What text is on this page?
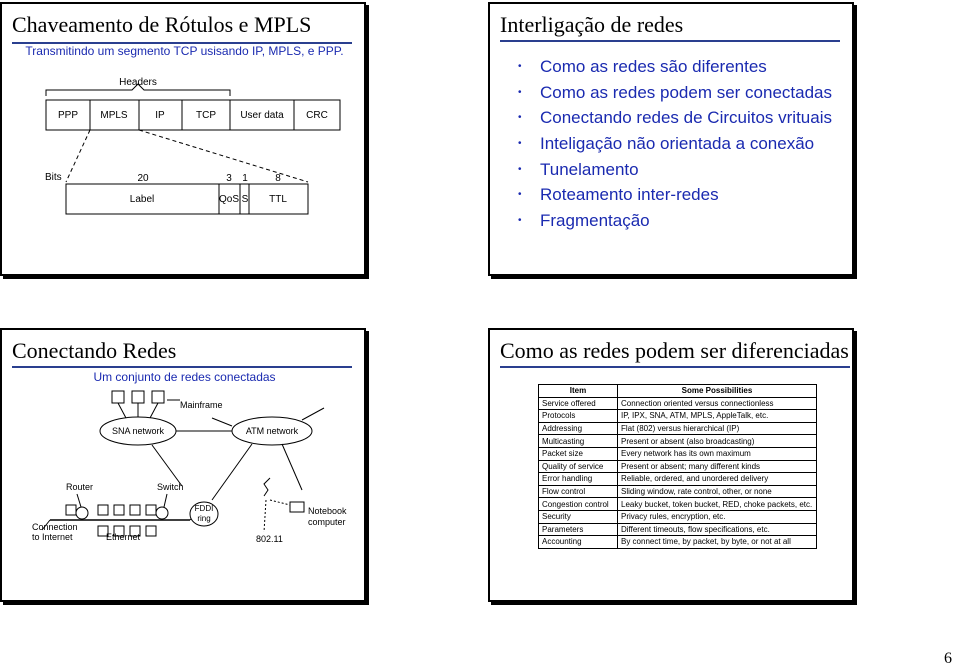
Chaveamento de Rótulos e MPLS
Transmitindo um segmento TCP usisando IP, MPLS, e PPP.
Headers
PPP MPLS	IP	TCP User data CRC
Bits	20	3 1	8
Label	QoS S TTL
Interligação de redes
• Como as redes são diferentes
• Como as redes podem ser conectadas
• Conectando redes de Circuitos vrituais
• Inteligação não orientada a conexão
• Tunelamento
• Roteamento inter-redes
• Fragmentação
Conectando Redes
Um conjunto de redes conectadas
Mainframe
SNA network	ATM network
Router	Switch
FDDI
ring
Notebook
computer
Connection
to Internet	Ethernet	802.11
Como as redes podem ser diferenciadas
Item	Some Possibilities
Service offered	Connection oriented versus connectionless
Protocols	IP, IPX, SNA, ATM, MPLS, AppleTalk, etc.
Addressing	Flat (802) versus hierarchical (IP)
Multicasting	Present or absent (also broadcasting)
Packet size	Every network has its own maximum
Quality of service	Present or absent; many different kinds
Error handling	Reliable, ordered, and unordered delivery
Flow control	Sliding window, rate control, other, or none
Congestion control	Leaky bucket, token bucket, RED, choke packets, etc.
Security	Privacy rules, encryption, etc.
Parameters	Different timeouts, flow specifications, etc.
Accounting	By connect time, by packet, by byte, or not at all
6
